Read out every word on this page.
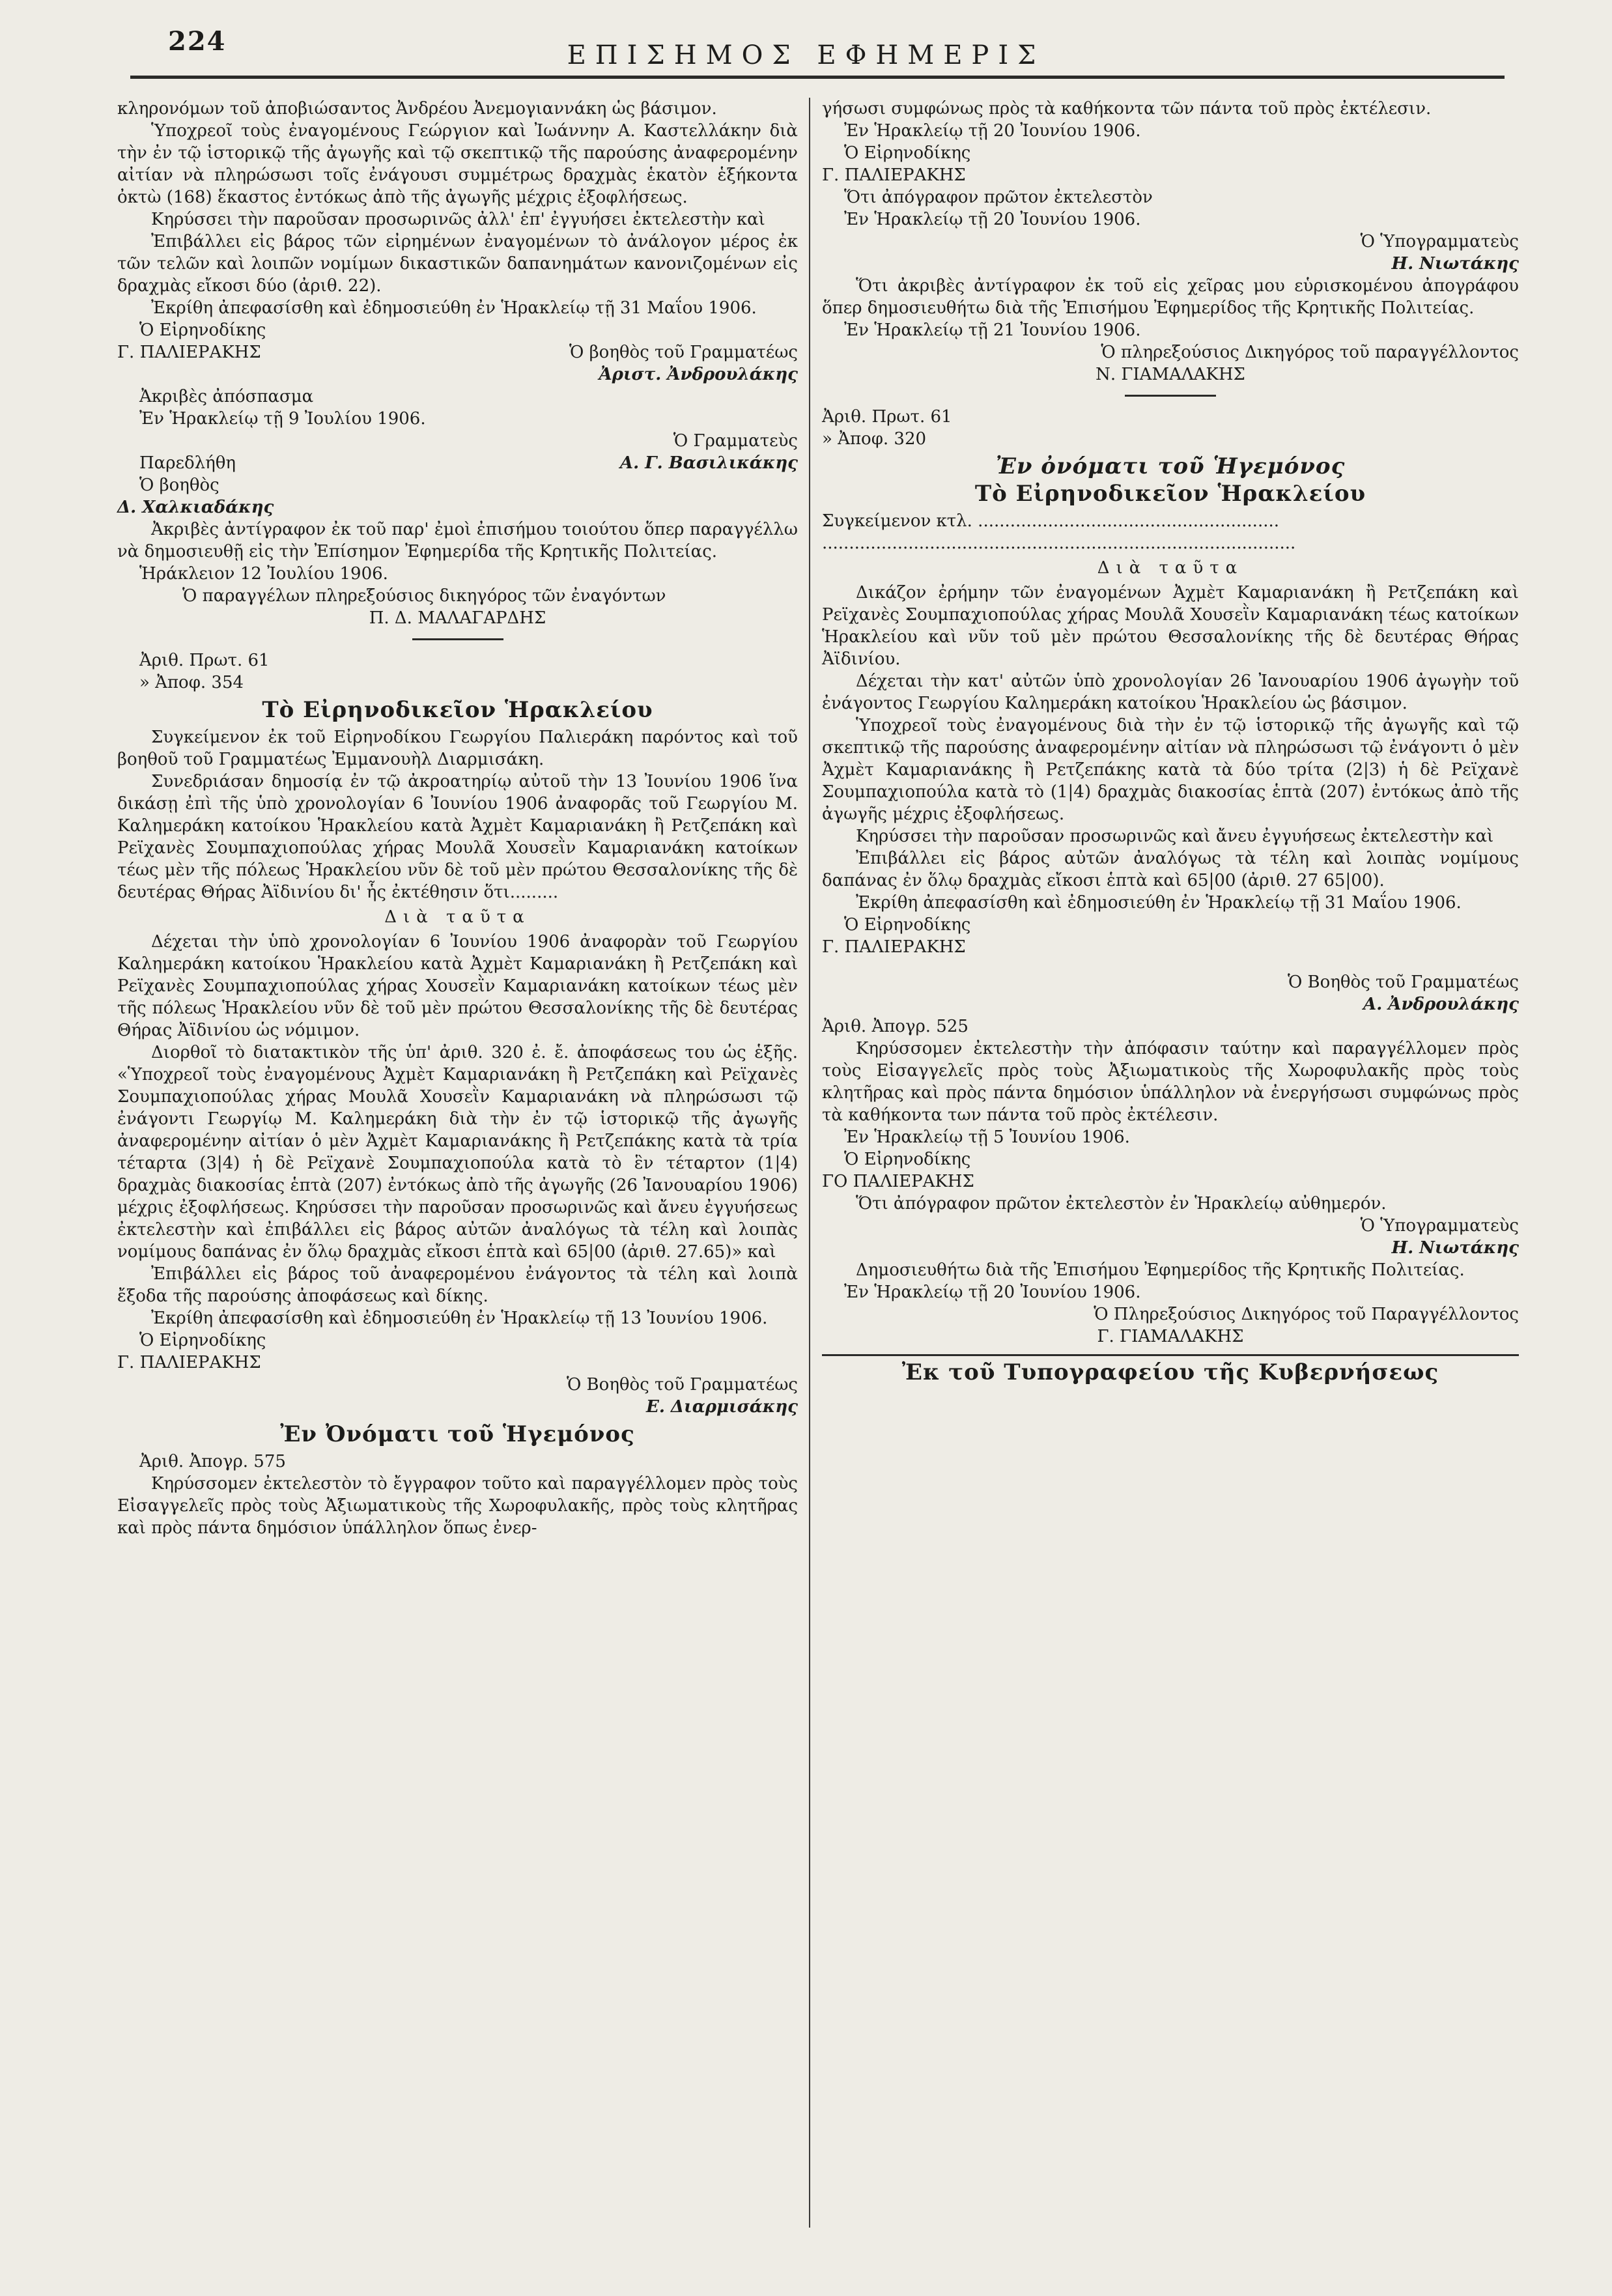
224	ΕΠΙΣΗΜΟΣ ΕΦΗΜΕΡΙΣ

κληρονόμων τοῦ ἀποβιώσαντος Ἀνδρέου Ἀνεμογιαννάκη ὡς βάσιμον.

Ὑποχρεοῖ τοὺς ἐναγομένους Γεώργιον καὶ Ἰωάννην Α. Καστελλάκην διὰ τὴν ἐν τῷ ἱστορικῷ τῆς ἀγωγῆς καὶ τῷ σκεπτικῷ τῆς παρούσης ἀναφερομένην αἰτίαν νὰ πληρώσωσι τοῖς ἐνάγουσι συμμέτρως δραχμὰς ἑκατὸν ἑξήκοντα ὀκτὼ (168) ἕκαστος ἐντόκως ἀπὸ τῆς ἀγωγῆς μέχρις ἐξοφλήσεως.

Κηρύσσει τὴν παροῦσαν προσωρινῶς ἀλλ' ἐπ' ἐγγυήσει ἐκτελεστὴν καὶ

Ἐπιβάλλει εἰς βάρος τῶν εἰρημένων ἐναγομένων τὸ ἀνάλογον μέρος ἐκ τῶν τελῶν καὶ λοιπῶν νομίμων δικαστικῶν δαπανημάτων κανονιζομένων εἰς δραχμὰς εἴκοσι δύο (ἀριθ. 22).

Ἐκρίθη ἀπεφασίσθη καὶ ἐδημοσιεύθη ἐν Ἡρακλείῳ τῇ 31 Μαΐου 1906.

Ὁ Εἰρηνοδίκης

Γ. ΠΑΛΙΕΡΑΚΗΣ	Ὁ βοηθὸς τοῦ Γραμματέως

Ἀριστ. Ἀνδρουλάκης

Ἀκριβὲς ἀπόσπασμα

Ἐν Ἡρακλείῳ τῇ 9 Ἰουλίου 1906.

Ὁ Γραμματεὺς

Παρεδλήθη	Α. Γ. Βασιλικάκης

Ὁ βοηθὸς

Δ. Χαλκιαδάκης

Ἀκριβὲς ἀντίγραφον ἐκ τοῦ παρ' ἐμοὶ ἐπισήμου τοιούτου ὅπερ παραγγέλλω νὰ δημοσιευθῇ εἰς τὴν Ἐπίσημον Ἐφημερίδα τῆς Κρητικῆς Πολιτείας.

Ἡράκλειον 12 Ἰουλίου 1906.

Ὁ παραγγέλων πληρεξούσιος δικηγόρος τῶν ἐναγόντων

Π. Δ. ΜΑΛΑΓΑΡΔΗΣ

Ἀριθ. Πρωτ. 61

» Ἀποφ. 354

Τὸ Εἰρηνοδικεῖον Ἡρακλείου

Συγκείμενον ἐκ τοῦ Εἰρηνοδίκου Γεωργίου Παλιεράκη παρόντος καὶ τοῦ βοηθοῦ τοῦ Γραμματέως Ἐμμανουὴλ Διαρμισάκη.

Συνεδριάσαν δημοσίᾳ ἐν τῷ ἀκροατηρίῳ αὐτοῦ τὴν 13 Ἰουνίου 1906 ἵνα δικάσῃ ἐπὶ τῆς ὑπὸ χρονολογίαν 6 Ἰουνίου 1906 ἀναφορᾶς τοῦ Γεωργίου Μ. Καλημεράκη κατοίκου Ἡρακλείου κατὰ Ἀχμὲτ Καμαριανάκη ἢ Ρετζεπάκη καὶ Ρεϊχανὲς Σουμπαχιοπούλας χήρας Μουλᾶ Χουσεῒν Καμαριανάκη κατοίκων τέως μὲν τῆς πόλεως Ἡρακλείου νῦν δὲ τοῦ μὲν πρώτου Θεσσαλονίκης τῆς δὲ δευτέρας Θήρας Ἀϊδινίου δι' ἧς ἐκτέθησιν ὅτι.........

Διὰ ταῦτα

Δέχεται τὴν ὑπὸ χρονολογίαν 6 Ἰουνίου 1906 ἀναφορὰν τοῦ Γεωργίου Καλημεράκη κατοίκου Ἡρακλείου κατὰ Ἀχμὲτ Καμαριανάκη ἢ Ρετζεπάκη καὶ Ρεϊχανὲς Σουμπαχιοπούλας χήρας Χουσεῒν Καμαριανάκη κατοίκων τέως μὲν τῆς πόλεως Ἡρακλείου νῦν δὲ τοῦ μὲν πρώτου Θεσσαλονίκης τῆς δὲ δευτέρας Θήρας Ἀϊδινίου ὡς νόμιμον.

Διορθοῖ τὸ διατακτικὸν τῆς ὑπ' ἀριθ. 320 ἐ. ἔ. ἀποφάσεως του ὡς ἑξῆς. «Ὑποχρεοῖ τοὺς ἐναγομένους Ἀχμὲτ Καμαριανάκη ἢ Ρετζεπάκη καὶ Ρεϊχανὲς Σουμπαχιοπούλας χήρας Μουλᾶ Χουσεῒν Καμαριανάκη νὰ πληρώσωσι τῷ ἐνάγοντι Γεωργίῳ Μ. Καλημεράκη διὰ τὴν ἐν τῷ ἱστορικῷ τῆς ἀγωγῆς ἀναφερομένην αἰτίαν ὁ μὲν Ἀχμὲτ Καμαριανάκης ἢ Ρετζεπάκης κατὰ τὰ τρία τέταρτα (3|4) ἡ δὲ Ρεϊχανὲ Σουμπαχιοπούλα κατὰ τὸ ἓν τέταρτον (1|4) δραχμὰς διακοσίας ἑπτὰ (207) ἐντόκως ἀπὸ τῆς ἀγωγῆς (26 Ἰανουαρίου 1906) μέχρις ἐξοφλήσεως. Κηρύσσει τὴν παροῦσαν προσωρινῶς καὶ ἄνευ ἐγγυήσεως ἐκτελεστὴν καὶ ἐπιβάλλει εἰς βάρος αὐτῶν ἀναλόγως τὰ τέλη καὶ λοιπὰς νομίμους δαπάνας ἐν ὅλῳ δραχμὰς εἴκοσι ἑπτὰ καὶ 65|00 (ἀριθ. 27.65)» καὶ

Ἐπιβάλλει εἰς βάρος τοῦ ἀναφερομένου ἐνάγοντος τὰ τέλη καὶ λοιπὰ ἔξοδα τῆς παρούσης ἀποφάσεως καὶ δίκης.

Ἐκρίθη ἀπεφασίσθη καὶ ἐδημοσιεύθη ἐν Ἡρακλείῳ τῇ 13 Ἰουνίου 1906.

Ὁ Εἰρηνοδίκης

Γ. ΠΑΛΙΕΡΑΚΗΣ

Ὁ Βοηθὸς τοῦ Γραμματέως

Ε. Διαρμισάκης

Ἐν Ὀνόματι τοῦ Ἡγεμόνος

Ἀριθ. Ἀπογρ. 575

Κηρύσσομεν ἐκτελεστὸν τὸ ἔγγραφον τοῦτο καὶ παραγγέλλομεν πρὸς τοὺς Εἰσαγγελεῖς πρὸς τοὺς Ἀξιωματικοὺς τῆς Χωροφυλακῆς, πρὸς τοὺς κλητῆρας καὶ πρὸς πάντα δημόσιον ὑπάλληλον ὅπως ἐνερ-

γήσωσι συμφώνως πρὸς τὰ καθήκοντα τῶν πάντα τοῦ πρὸς ἐκτέλεσιν.

Ἐν Ἡρακλείῳ τῇ 20 Ἰουνίου 1906.

Ὁ Εἰρηνοδίκης

Γ. ΠΑΛΙΕΡΑΚΗΣ

Ὅτι ἀπόγραφον πρῶτον ἐκτελεστὸν

Ἐν Ἡρακλείῳ τῇ 20 Ἰουνίου 1906.

Ὁ Ὑπογραμματεὺς

Η. Νιωτάκης

Ὅτι ἀκριβὲς ἀντίγραφον ἐκ τοῦ εἰς χεῖρας μου εὑρισκομένου ἀπογράφου ὅπερ δημοσιευθήτω διὰ τῆς Ἐπισήμου Ἐφημερίδος τῆς Κρητικῆς Πολιτείας.

Ἐν Ἡρακλείῳ τῇ 21 Ἰουνίου 1906.

Ὁ πληρεξούσιος Δικηγόρος τοῦ παραγγέλλοντος

Ν. ΓΙΑΜΑΛΑΚΗΣ

Ἀριθ. Πρωτ. 61

» Ἀποφ. 320

Ἐν ὀνόματι τοῦ Ἡγεμόνος
Τὸ Εἰρηνοδικεῖον Ἡρακλείου

Συγκείμενον κτλ. ........................................................

........................................................................................

Διὰ ταῦτα

Δικάζον ἐρήμην τῶν ἐναγομένων Ἀχμὲτ Καμαριανάκη ἢ Ρετζεπάκη καὶ Ρεϊχανὲς Σουμπαχιοπούλας χήρας Μουλᾶ Χουσεῒν Καμαριανάκη τέως κατοίκων Ἡρακλείου καὶ νῦν τοῦ μὲν πρώτου Θεσσαλονίκης τῆς δὲ δευτέρας Θήρας Ἀϊδινίου.

Δέχεται τὴν κατ' αὐτῶν ὑπὸ χρονολογίαν 26 Ἰανουαρίου 1906 ἀγωγὴν τοῦ ἐνάγοντος Γεωργίου Καλημεράκη κατοίκου Ἡρακλείου ὡς βάσιμον.

Ὑποχρεοῖ τοὺς ἐναγομένους διὰ τὴν ἐν τῷ ἱστορικῷ τῆς ἀγωγῆς καὶ τῷ σκεπτικῷ τῆς παρούσης ἀναφερομένην αἰτίαν νὰ πληρώσωσι τῷ ἐνάγοντι ὁ μὲν Ἀχμὲτ Καμαριανάκης ἢ Ρετζεπάκης κατὰ τὰ δύο τρίτα (2|3) ἡ δὲ Ρεϊχανὲ Σουμπαχιοπούλα κατὰ τὸ (1|4) δραχμὰς διακοσίας ἑπτὰ (207) ἐντόκως ἀπὸ τῆς ἀγωγῆς μέχρις ἐξοφλήσεως.

Κηρύσσει τὴν παροῦσαν προσωρινῶς καὶ ἄνευ ἐγγυήσεως ἐκτελεστὴν καὶ

Ἐπιβάλλει εἰς βάρος αὐτῶν ἀναλόγως τὰ τέλη καὶ λοιπὰς νομίμους δαπάνας ἐν ὅλῳ δραχμὰς εἴκοσι ἑπτὰ καὶ 65|00 (ἀριθ. 27 65|00).

Ἐκρίθη ἀπεφασίσθη καὶ ἐδημοσιεύθη ἐν Ἡρακλείῳ τῇ 31 Μαΐου 1906.

Ὁ Εἰρηνοδίκης

Γ. ΠΑΛΙΕΡΑΚΗΣ

Ὁ Βοηθὸς τοῦ Γραμματέως

Α. Ἀνδρουλάκης

Ἀριθ. Ἀπογρ. 525

Κηρύσσομεν ἐκτελεστὴν τὴν ἀπόφασιν ταύτην καὶ παραγγέλλομεν πρὸς τοὺς Εἰσαγγελεῖς πρὸς τοὺς Ἀξιωματικοὺς τῆς Χωροφυλακῆς πρὸς τοὺς κλητῆρας καὶ πρὸς πάντα δημόσιον ὑπάλληλον νὰ ἐνεργήσωσι συμφώνως πρὸς τὰ καθήκοντα των πάντα τοῦ πρὸς ἐκτέλεσιν.

Ἐν Ἡρακλείῳ τῇ 5 Ἰουνίου 1906.

Ὁ Εἰρηνοδίκης

ΓΟ ΠΑΛΙΕΡΑΚΗΣ

Ὅτι ἀπόγραφον πρῶτον ἐκτελεστὸν ἐν Ἡρακλείῳ αὐθημερόν.

Ὁ Ὑπογραμματεὺς

Η. Νιωτάκης

Δημοσιευθήτω διὰ τῆς Ἐπισήμου Ἐφημερίδος τῆς Κρητικῆς Πολιτείας.

Ἐν Ἡρακλείῳ τῇ 20 Ἰουνίου 1906.

Ὁ Πληρεξούσιος Δικηγόρος τοῦ Παραγγέλλοντος

Γ. ΓΙΑΜΑΛΑΚΗΣ

Ἐκ τοῦ Τυπογραφείου τῆς Κυβερνήσεως
